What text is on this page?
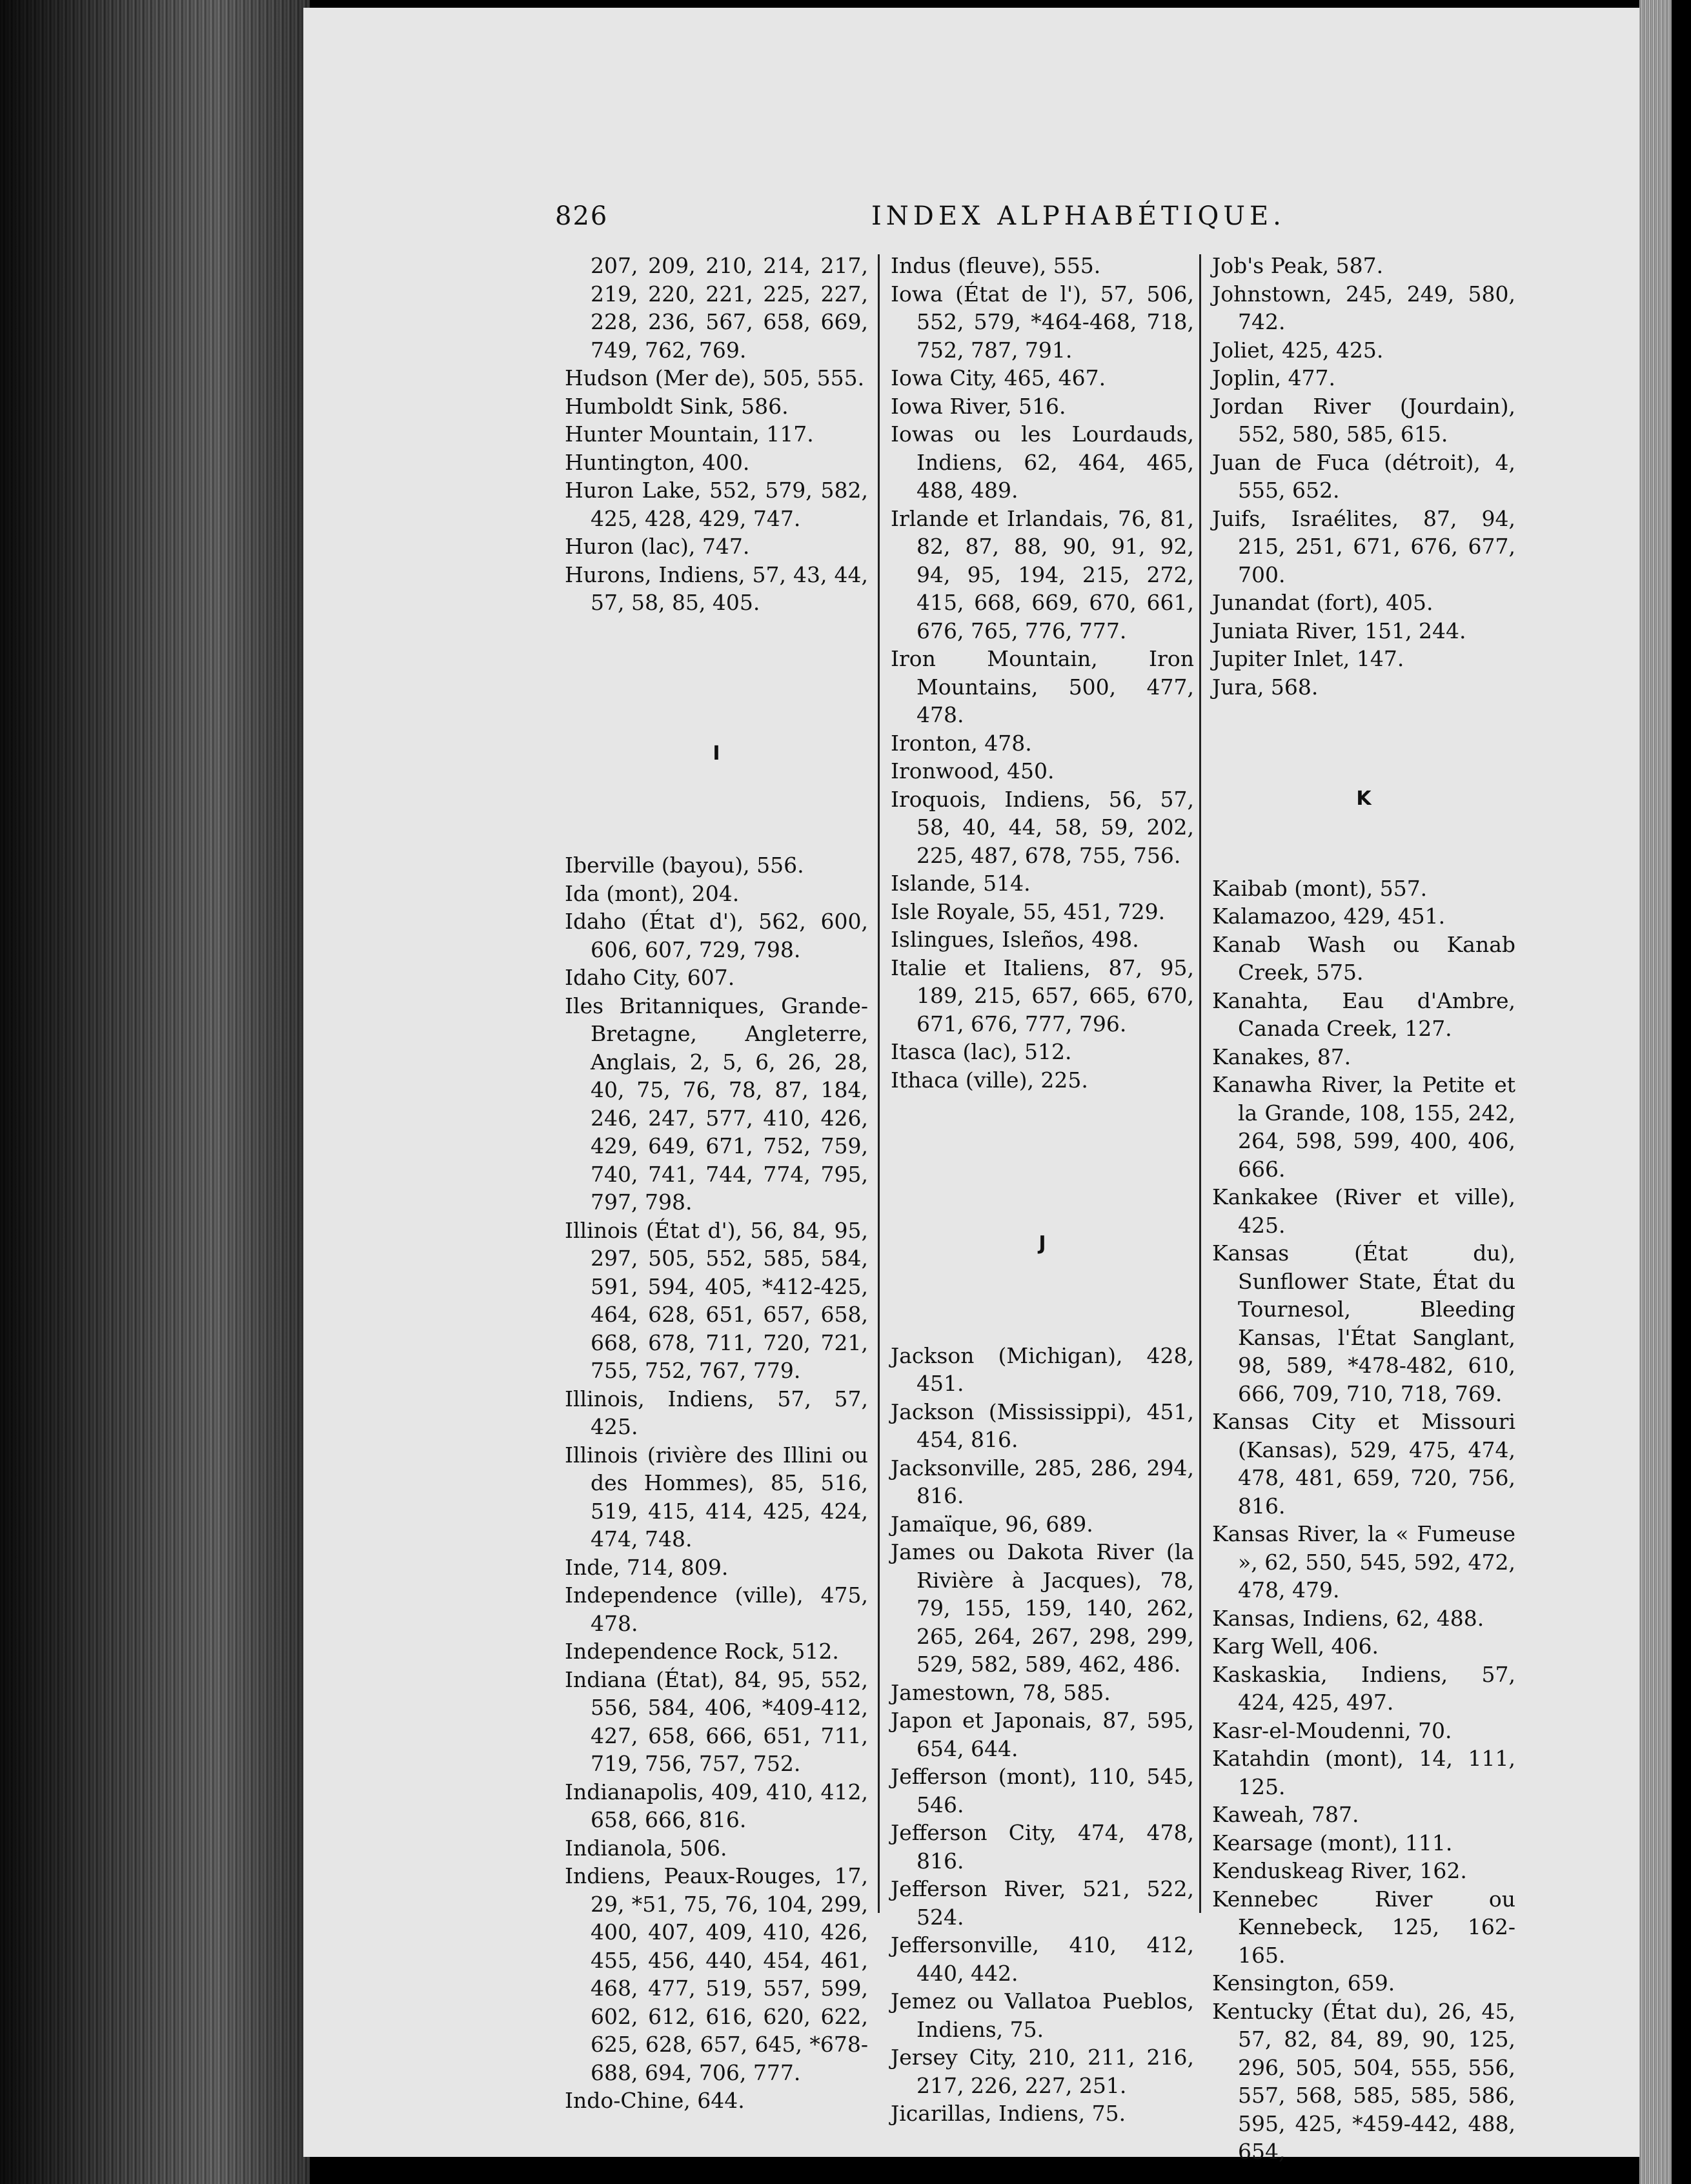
826	INDEX ALPHABÉTIQUE.

207, 209, 210, 214, 217, 219, 220, 221, 225, 227, 228, 236, 567, 658, 669, 749, 762, 769.

Hudson (Mer de), 505, 555.

Humboldt Sink, 586.

Hunter Mountain, 117.

Huntington, 400.

Huron Lake, 552, 579, 582, 425, 428, 429, 747.

Huron (lac), 747.

Hurons, Indiens, 57, 43, 44, 57, 58, 85, 405.

I

Iberville (bayou), 556.

Ida (mont), 204.

Idaho (État d'), 562, 600, 606, 607, 729, 798.

Idaho City, 607.

Iles Britanniques, Grande-Bretagne, Angleterre, Anglais, 2, 5, 6, 26, 28, 40, 75, 76, 78, 87, 184, 246, 247, 577, 410, 426, 429, 649, 671, 752, 759, 740, 741, 744, 774, 795, 797, 798.

Illinois (État d'), 56, 84, 95, 297, 505, 552, 585, 584, 591, 594, 405, *412-425, 464, 628, 651, 657, 658, 668, 678, 711, 720, 721, 755, 752, 767, 779.

Illinois, Indiens, 57, 57, 425.

Illinois (rivière des Illini ou des Hommes), 85, 516, 519, 415, 414, 425, 424, 474, 748.

Inde, 714, 809.

Independence (ville), 475, 478.

Independence Rock, 512.

Indiana (État), 84, 95, 552, 556, 584, 406, *409-412, 427, 658, 666, 651, 711, 719, 756, 757, 752.

Indianapolis, 409, 410, 412, 658, 666, 816.

Indianola, 506.

Indiens, Peaux-Rouges, 17, 29, *51, 75, 76, 104, 299, 400, 407, 409, 410, 426, 455, 456, 440, 454, 461, 468, 477, 519, 557, 599, 602, 612, 616, 620, 622, 625, 628, 657, 645, *678-688, 694, 706, 777.

Indo-Chine, 644.

Indus (fleuve), 555.

Iowa (État de l'), 57, 506, 552, 579, *464-468, 718, 752, 787, 791.

Iowa City, 465, 467.

Iowa River, 516.

Iowas ou les Lourdauds, Indiens, 62, 464, 465, 488, 489.

Irlande et Irlandais, 76, 81, 82, 87, 88, 90, 91, 92, 94, 95, 194, 215, 272, 415, 668, 669, 670, 661, 676, 765, 776, 777.

Iron Mountain, Iron Mountains, 500, 477, 478.

Ironton, 478.

Ironwood, 450.

Iroquois, Indiens, 56, 57, 58, 40, 44, 58, 59, 202, 225, 487, 678, 755, 756.

Islande, 514.

Isle Royale, 55, 451, 729.

Islingues, Isleños, 498.

Italie et Italiens, 87, 95, 189, 215, 657, 665, 670, 671, 676, 777, 796.

Itasca (lac), 512.

Ithaca (ville), 225.

J

Jackson (Michigan), 428, 451.

Jackson (Mississippi), 451, 454, 816.

Jacksonville, 285, 286, 294, 816.

Jamaïque, 96, 689.

James ou Dakota River (la Rivière à Jacques), 78, 79, 155, 159, 140, 262, 265, 264, 267, 298, 299, 529, 582, 589, 462, 486.

Jamestown, 78, 585.

Japon et Japonais, 87, 595, 654, 644.

Jefferson (mont), 110, 545, 546.

Jefferson City, 474, 478, 816.

Jefferson River, 521, 522, 524.

Jeffersonville, 410, 412, 440, 442.

Jemez ou Vallatoa Pueblos, Indiens, 75.

Jersey City, 210, 211, 216, 217, 226, 227, 251.

Jicarillas, Indiens, 75.

Job's Peak, 587.

Johnstown, 245, 249, 580, 742.

Joliet, 425, 425.

Joplin, 477.

Jordan River (Jourdain), 552, 580, 585, 615.

Juan de Fuca (détroit), 4, 555, 652.

Juifs, Israélites, 87, 94, 215, 251, 671, 676, 677, 700.

Junandat (fort), 405.

Juniata River, 151, 244.

Jupiter Inlet, 147.

Jura, 568.

K

Kaibab (mont), 557.

Kalamazoo, 429, 451.

Kanab Wash ou Kanab Creek, 575.

Kanahta, Eau d'Ambre, Canada Creek, 127.

Kanakes, 87.

Kanawha River, la Petite et la Grande, 108, 155, 242, 264, 598, 599, 400, 406, 666.

Kankakee (River et ville), 425.

Kansas (État du), Sunflower State, État du Tournesol, Bleeding Kansas, l'État Sanglant, 98, 589, *478-482, 610, 666, 709, 710, 718, 769.

Kansas City et Missouri (Kansas), 529, 475, 474, 478, 481, 659, 720, 756, 816.

Kansas River, la « Fumeuse », 62, 550, 545, 592, 472, 478, 479.

Kansas, Indiens, 62, 488.

Karg Well, 406.

Kaskaskia, Indiens, 57, 424, 425, 497.

Kasr-el-Moudenni, 70.

Katahdin (mont), 14, 111, 125.

Kaweah, 787.

Kearsage (mont), 111.

Kenduskeag River, 162.

Kennebec River ou Kennebeck, 125, 162-165.

Kensington, 659.

Kentucky (État du), 26, 45, 57, 82, 84, 89, 90, 125, 296, 505, 504, 555, 556, 557, 568, 585, 585, 586, 595, 425, *459-442, 488, 654,
